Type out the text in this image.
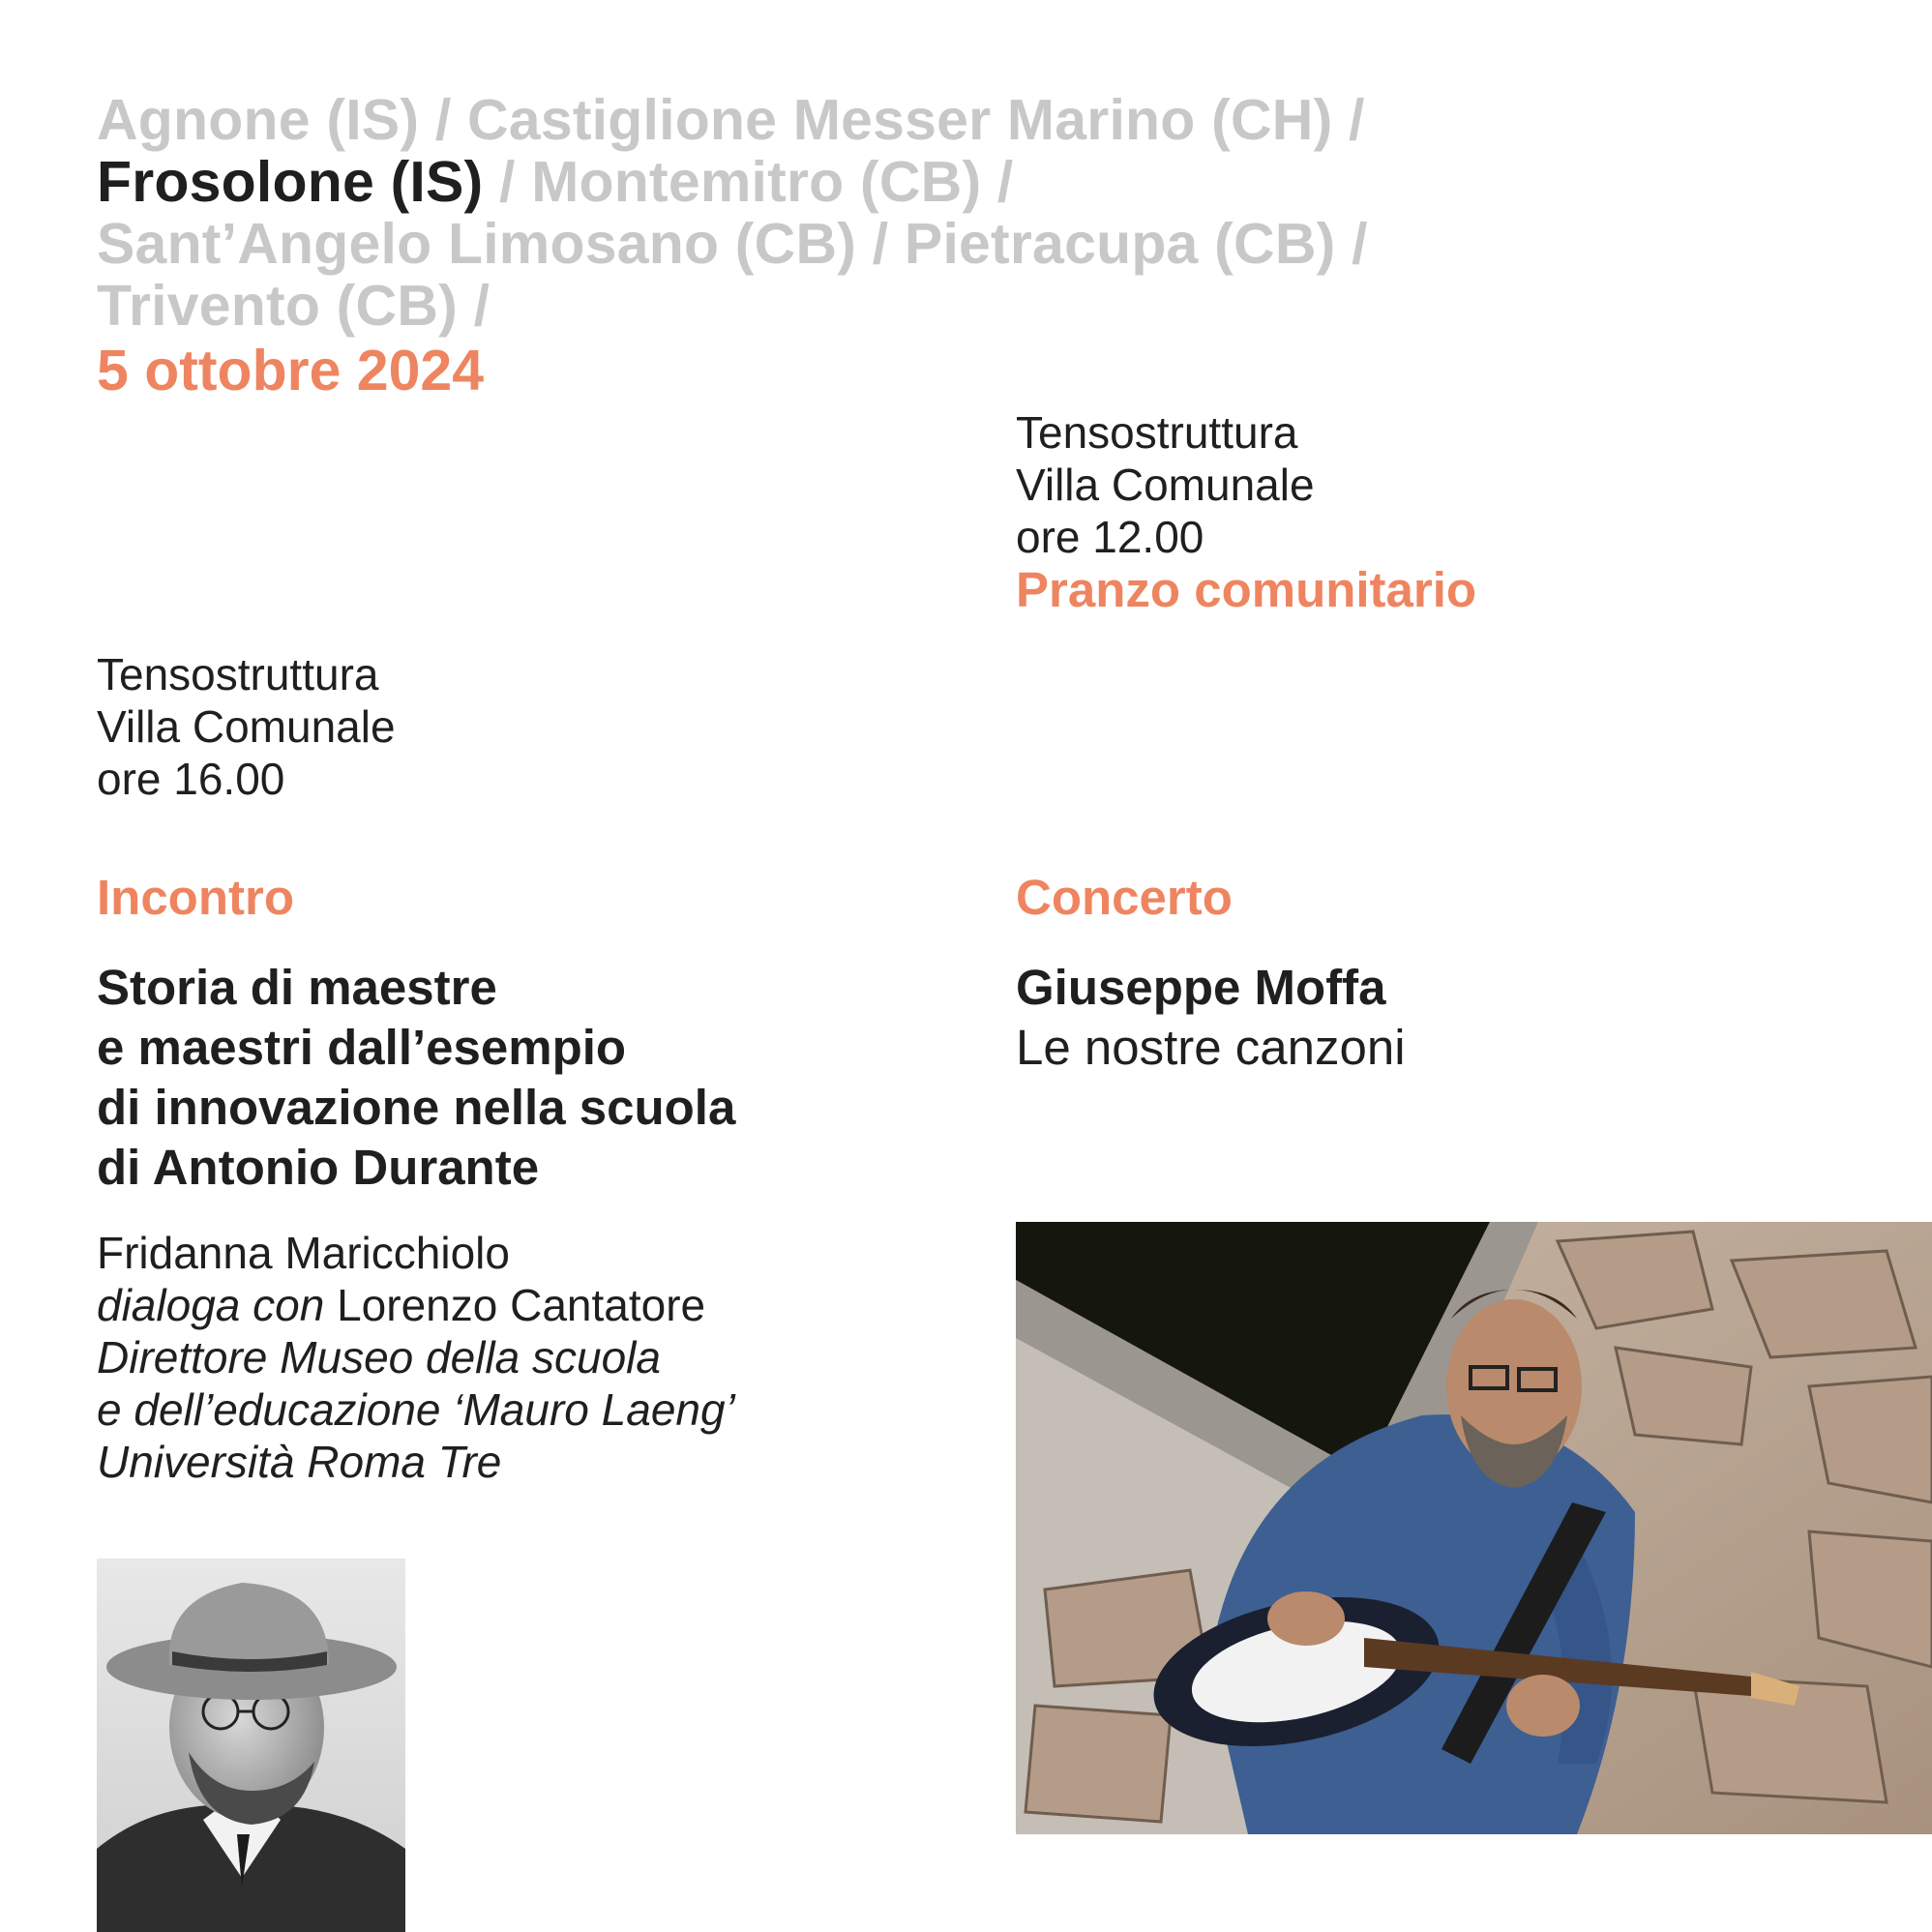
Agnone (IS) / Castiglione Messer Marino (CH) /
Frosolone (IS) / Montemitro (CB) /
Sant’Angelo Limosano (CB) / Pietracupa (CB) /
Trivento (CB) /
5 ottobre 2024
Tensostruttura
Villa Comunale
ore 12.00
Pranzo comunitario
Tensostruttura
Villa Comunale
ore 16.00
Incontro	Concerto
Storia di maestre
e maestri dall’esempio
di innovazione nella scuola
di Antonio Durante
Giuseppe Moffa
Le nostre canzoni
Fridanna Maricchiolo
dialoga con Lorenzo Cantatore
Direttore Museo della scuola
e dell’educazione ‘Mauro Laeng’
Università Roma Tre
